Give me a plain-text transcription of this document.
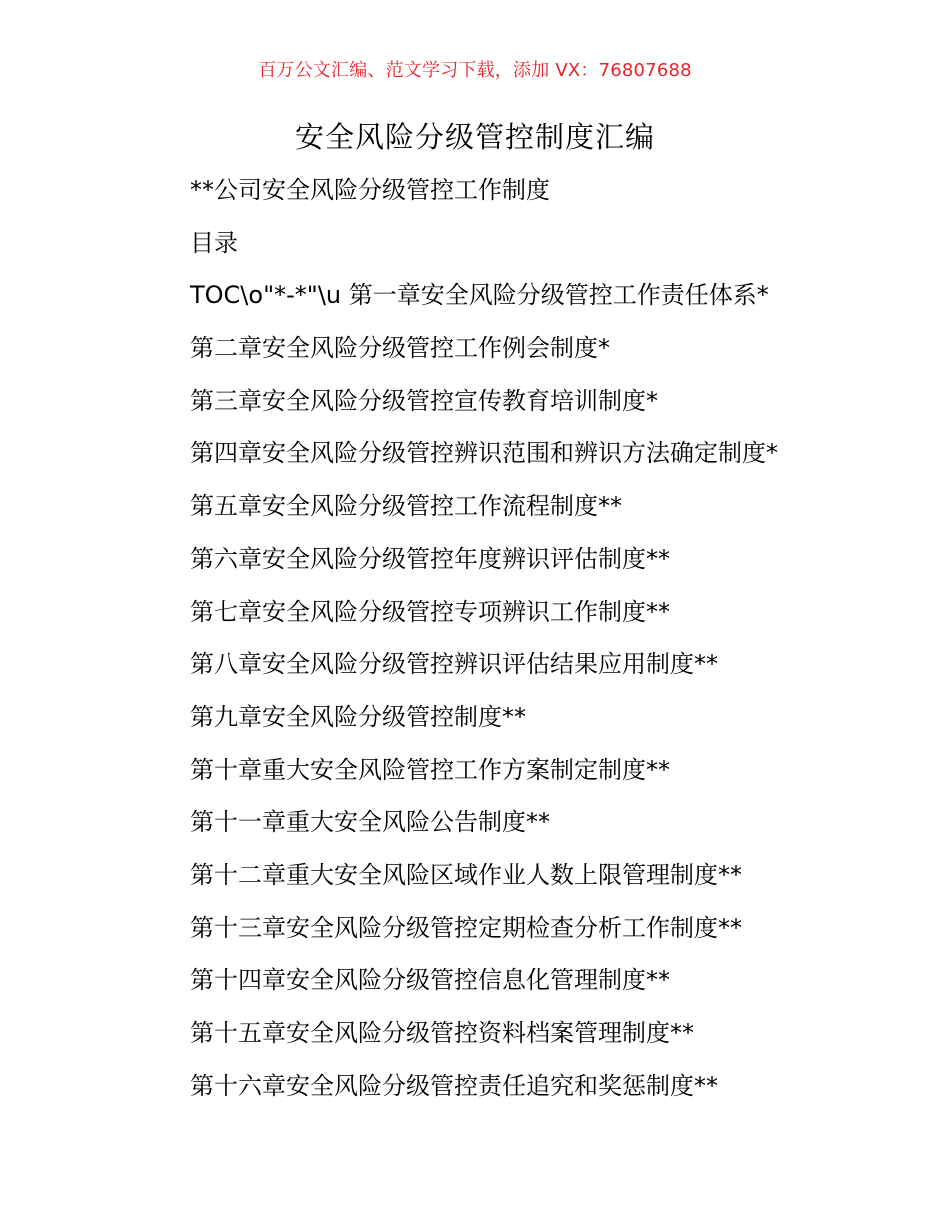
百万公文汇编、范文学习下载，添加 VX：76807688
安全风险分级管控制度汇编
**公司安全风险分级管控工作制度
目录
TOC\o"*-*"\u 第一章安全风险分级管控工作责任体系*
第二章安全风险分级管控工作例会制度*
第三章安全风险分级管控宣传教育培训制度*
第四章安全风险分级管控辨识范围和辨识方法确定制度*
第五章安全风险分级管控工作流程制度**
第六章安全风险分级管控年度辨识评估制度**
第七章安全风险分级管控专项辨识工作制度**
第八章安全风险分级管控辨识评估结果应用制度**
第九章安全风险分级管控制度**
第十章重大安全风险管控工作方案制定制度**
第十一章重大安全风险公告制度**
第十二章重大安全风险区域作业人数上限管理制度**
第十三章安全风险分级管控定期检查分析工作制度**
第十四章安全风险分级管控信息化管理制度**
第十五章安全风险分级管控资料档案管理制度**
第十六章安全风险分级管控责任追究和奖惩制度**
